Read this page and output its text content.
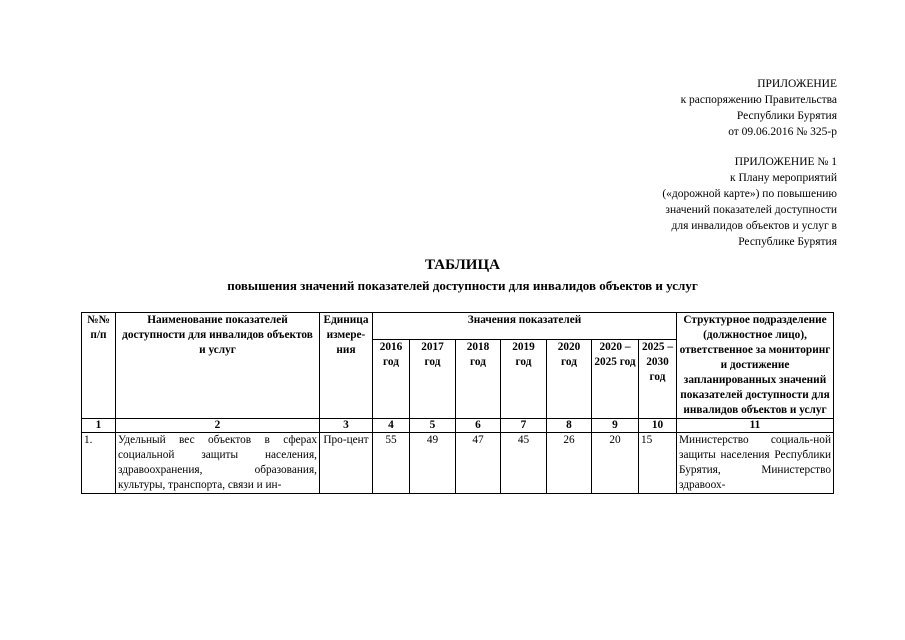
ПРИЛОЖЕНИЕ
к распоряжению Правительства
Республики Бурятия
от 09.06.2016 № 325-р
ПРИЛОЖЕНИЕ № 1
к Плану мероприятий
(«дорожной карте») по повышению
значений показателей доступности
для инвалидов объектов и услуг в
Республике Бурятия
ТАБЛИЦА
повышения значений показателей доступности для инвалидов объектов и услуг
№№ п/п	Наименование показателей доступности для инвалидов объектов и услуг	Единица измере-ния	Значения показателей							Структурное подразделение (должностное лицо), ответственное за мониторинг и достижение запланированных значений показателей доступности для инвалидов объектов и услуг
			2016 год	2017 год	2018 год	2019 год	2020 год	2020 – 2025 год	2025 – 2030 год	
1	2	3	4	5	6	7	8	9	10	11
1.	Удельный вес объектов в сферах социальной защиты населения, здравоохранения, образования, культуры, транспорта, связи и ин-	Про-цент	55	49	47	45	26	20	15	Министерство социаль-ной защиты населения Республики Бурятия, Министерство здравоох-
